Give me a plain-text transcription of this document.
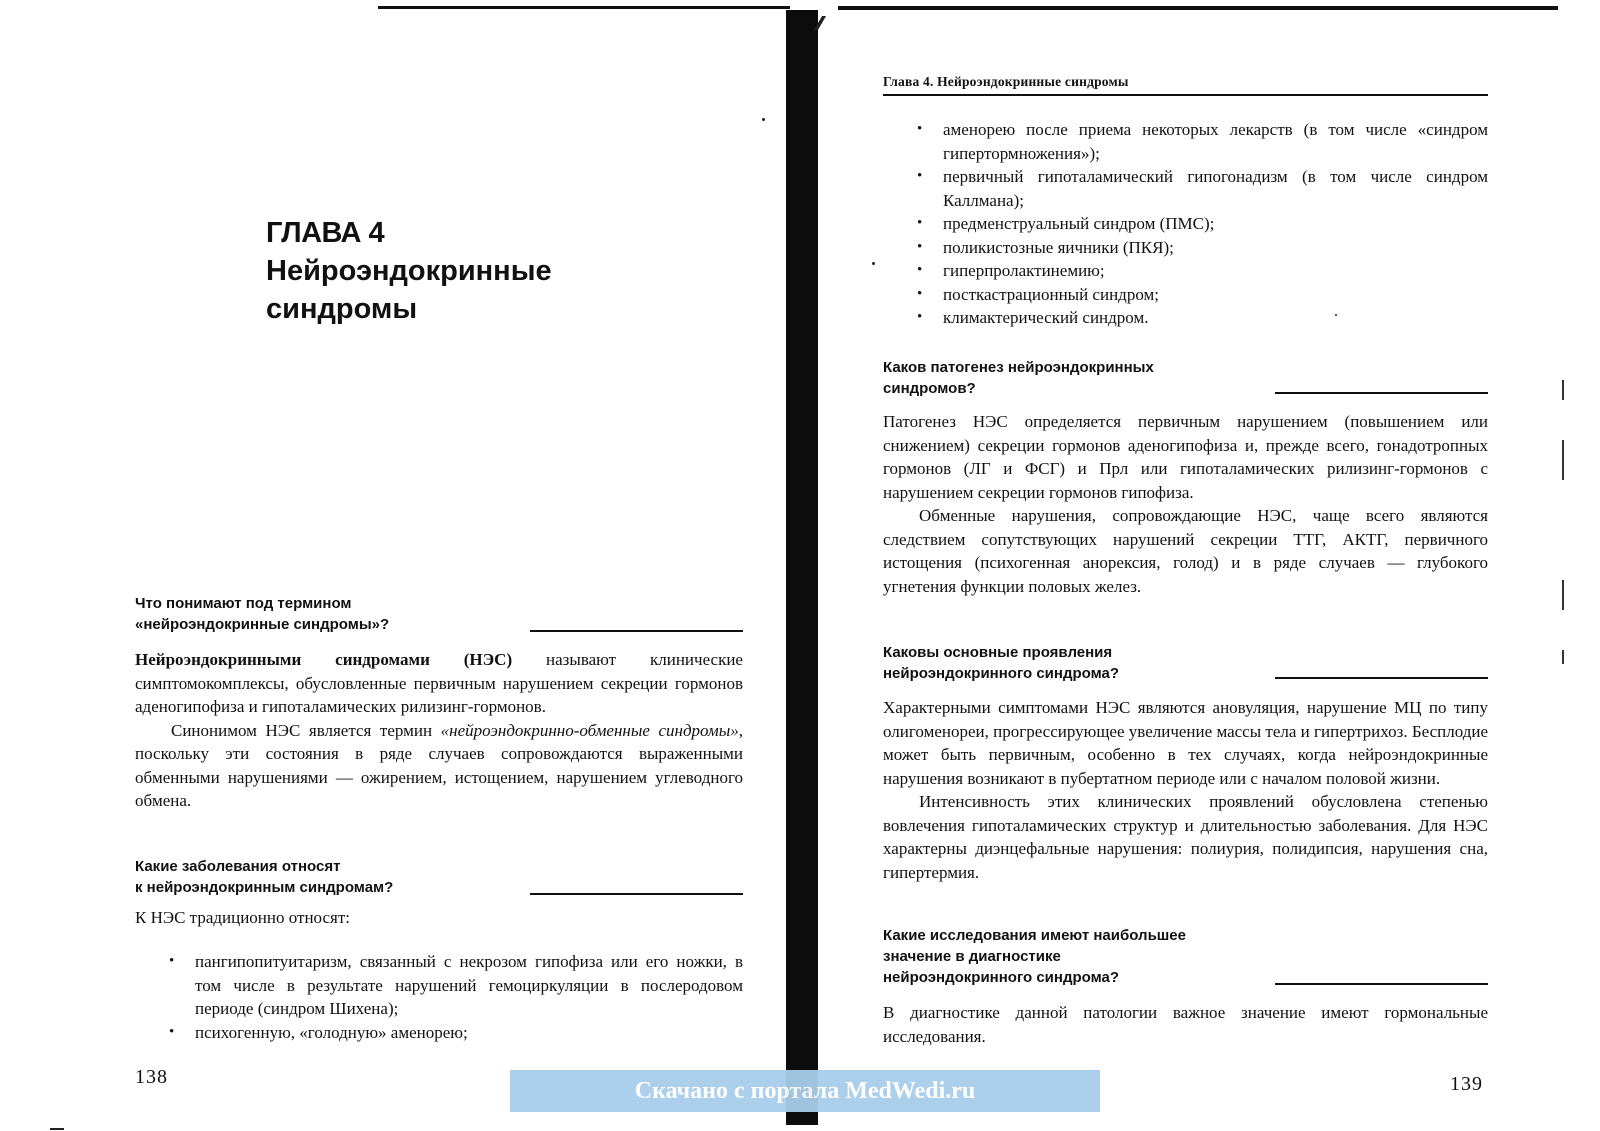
ГЛАВА 4
Нейроэндокринные
синдромы
Что понимают под термином
«нейроэндокринные синдромы»?
Нейроэндокринными синдромами (НЭС) называют клинические симптомокомплексы, обусловленные первичным нарушением секреции гормонов аденогипофиза и гипоталамических рилизинг-гормонов.
Синонимом НЭС является термин «нейроэндокринно-обменные синдромы», поскольку эти состояния в ряде случаев сопровождаются выраженными обменными нарушениями — ожирением, истощением, нарушением углеводного обмена.
Какие заболевания относят
к нейроэндокринным синдромам?
К НЭС традиционно относят:
• пангипопитуитаризм, связанный с некрозом гипофиза или его ножки, в том числе в результате нарушений гемоциркуляции в послеродовом периоде (синдром Шихена);
• психогенную, «голодную» аменорею;
138
Глава 4. Нейроэндокринные синдромы
• аменорею после приема некоторых лекарств (в том числе «синдром гипертормножения»);
• первичный гипоталамический гипогонадизм (в том числе синдром Каллмана);
• предменструальный синдром (ПМС);
• поликистозные яичники (ПКЯ);
• гиперпролактинемию;
• посткастрационный синдром;
• климактерический синдром.
Каков патогенез нейроэндокринных
синдромов?
Патогенез НЭС определяется первичным нарушением (повышением или снижением) секреции гормонов аденогипофиза и, прежде всего, гонадотропных гормонов (ЛГ и ФСГ) и Прл или гипоталамических рилизинг-гормонов с нарушением секреции гормонов гипофиза.
Обменные нарушения, сопровождающие НЭС, чаще всего являются следствием сопутствующих нарушений секреции ТТГ, АКТГ, первичного истощения (психогенная анорексия, голод) и в ряде случаев — глубокого угнетения функции половых желез.
Каковы основные проявления
нейроэндокринного синдрома?
Характерными симптомами НЭС являются ановуляция, нарушение МЦ по типу олигоменореи, прогрессирующее увеличение массы тела и гипертрихоз. Бесплодие может быть первичным, особенно в тех случаях, когда нейроэндокринные нарушения возникают в пубертатном периоде или с началом половой жизни.
Интенсивность этих клинических проявлений обусловлена степенью вовлечения гипоталамических структур и длительностью заболевания. Для НЭС характерны диэнцефальные нарушения: полиурия, полидипсия, нарушения сна, гипертермия.
Какие исследования имеют наибольшее
значение в диагностике
нейроэндокринного синдрома?
В диагностике данной патологии важное значение имеют гормональные исследования.
139
Скачано с портала MedWedi.ru
